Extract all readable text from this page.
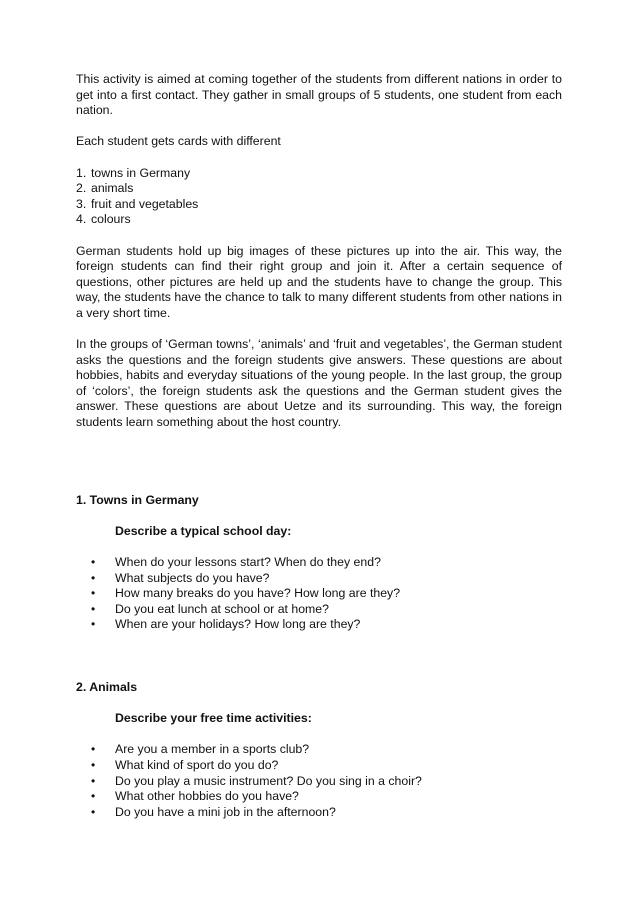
This activity is aimed at coming together of the students from different nations in order to get into a first contact. They gather in small groups of 5 students, one student from each nation.

Each student gets cards with different

1. towns in Germany
2. animals
3. fruit and vegetables
4. colours

German students hold up big images of these pictures up into the air. This way, the foreign students can find their right group and join it. After a certain sequence of questions, other pictures are held up and the students have to change the group. This way, the students have the chance to talk to many different students from other nations in a very short time.

In the groups of ‘German towns’, ‘animals’ and ‘fruit and vegetables’, the German student asks the questions and the foreign students give answers. These questions are about hobbies, habits and everyday situations of the young people. In the last group, the group of ‘colors’, the foreign students ask the questions and the German student gives the answer. These questions are about Uetze and its surrounding. This way, the foreign students learn something about the host country.

1. Towns in Germany
Describe a typical school day:
•	When do your lessons start? When do they end?
•	What subjects do you have?
•	How many breaks do you have? How long are they?
•	Do you eat lunch at school or at home?
•	When are your holidays? How long are they?
2. Animals
Describe your free time activities:
•	Are you a member in a sports club?
•	What kind of sport do you do?
•	Do you play a music instrument? Do you sing in a choir?
•	What other hobbies do you have?
•	Do you have a mini job in the afternoon?
